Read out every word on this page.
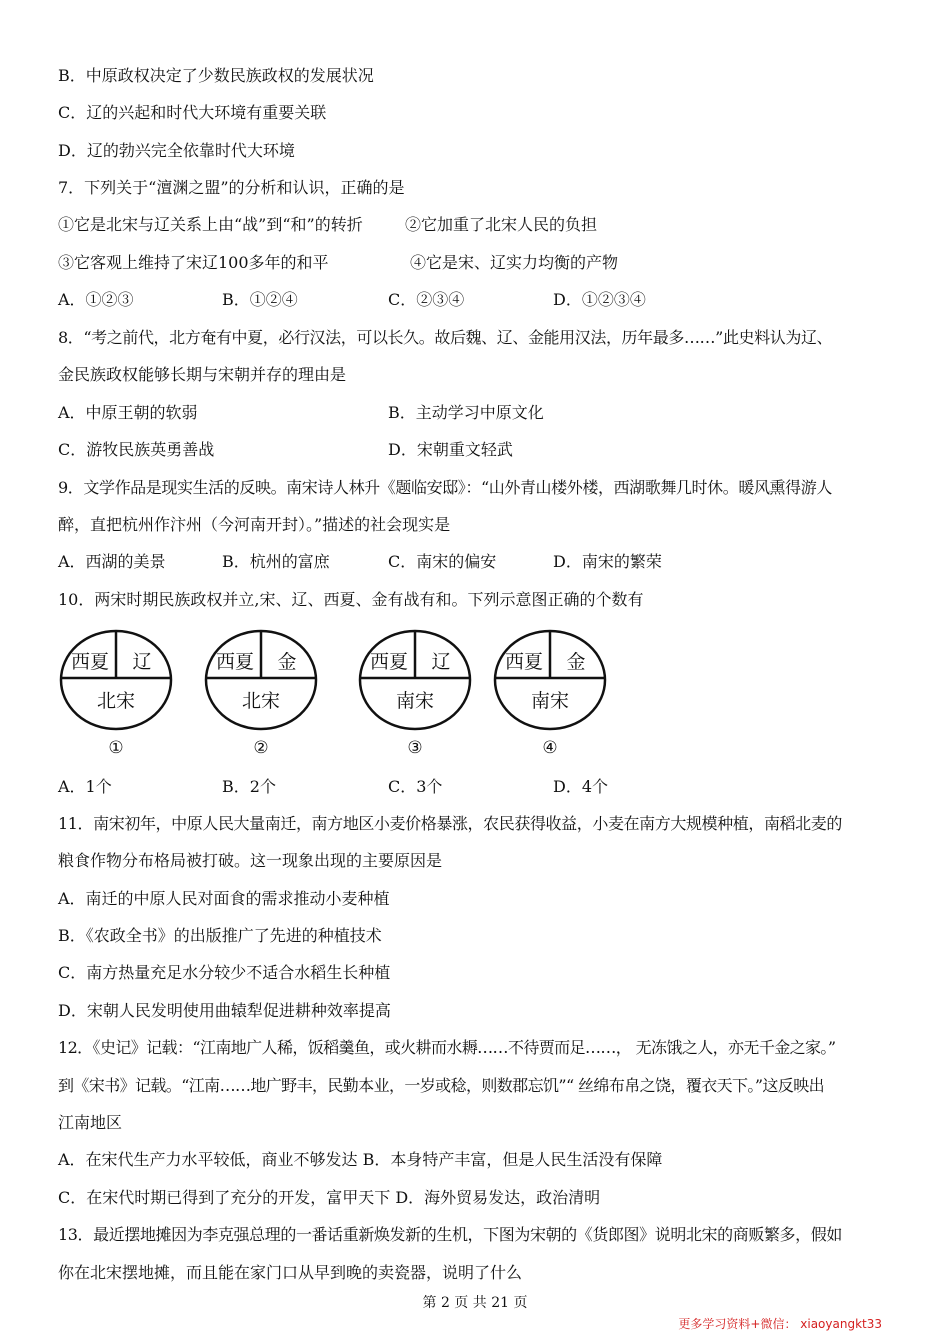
B．中原政权决定了少数民族政权的发展状况
C．辽的兴起和时代大环境有重要关联
D．辽的勃兴完全依靠时代大环境
7．下列关于“澶渊之盟”的分析和认识，正确的是
①它是北宋与辽关系上由“战”到“和”的转折	②它加重了北宋人民的负担
③它客观上维持了宋辽100多年的和平	④它是宋、辽实力均衡的产物
A．①②③	B．①②④	C．②③④	D．①②③④
8．“考之前代，北方奄有中夏，必行汉法，可以长久。故后魏、辽、金能用汉法，历年最多……”此史料认为辽、
金民族政权能够长期与宋朝并存的理由是
A．中原王朝的软弱	B．主动学习中原文化
C．游牧民族英勇善战	D．宋朝重文轻武
9．文学作品是现实生活的反映。南宋诗人林升《题临安邸》：“山外青山楼外楼，西湖歌舞几时休。暖风熏得游人
醉，直把杭州作汴州（今河南开封）。”描述的社会现实是
A．西湖的美景	B．杭州的富庶	C．南宋的偏安	D．南宋的繁荣
10．两宋时期民族政权并立,宋、辽、西夏、金有战有和。下列示意图正确的个数有
西夏 辽
北宋
①
西夏 金
北宋
②
西夏 辽
南宋
③
西夏 金
南宋
④
A．1个	B．2个	C．3个	D．4个
11．南宋初年，中原人民大量南迁，南方地区小麦价格暴涨，农民获得收益，小麦在南方大规模种植，南稻北麦的
粮食作物分布格局被打破。这一现象出现的主要原因是
A．南迁的中原人民对面食的需求推动小麦种植
B．《农政全书》的出版推广了先进的种植技术
C．南方热量充足水分较少不适合水稻生长种植
D．宋朝人民发明使用曲辕犁促进耕种效率提高
12．《史记》记载：“江南地广人稀，饭稻羹鱼，或火耕而水耨……不待贾而足……， 无冻饿之人，亦无千金之家。”
到《宋书》记载。“江南……地广野丰，民勤本业，一岁或稔，则数郡忘饥”“ 丝绵布帛之饶，覆衣天下。”这反映出
江南地区
A．在宋代生产力水平较低，商业不够发达 B．本身特产丰富，但是人民生活没有保障
C．在宋代时期已得到了充分的开发，富甲天下 D．海外贸易发达，政治清明
13．最近摆地摊因为李克强总理的一番话重新焕发新的生机，下图为宋朝的《货郎图》说明北宋的商贩繁多，假如
你在北宋摆地摊，而且能在家门口从早到晚的卖瓷器，说明了什么
第 2 页 共 21 页
更多学习资料+微信： xiaoyangkt33
